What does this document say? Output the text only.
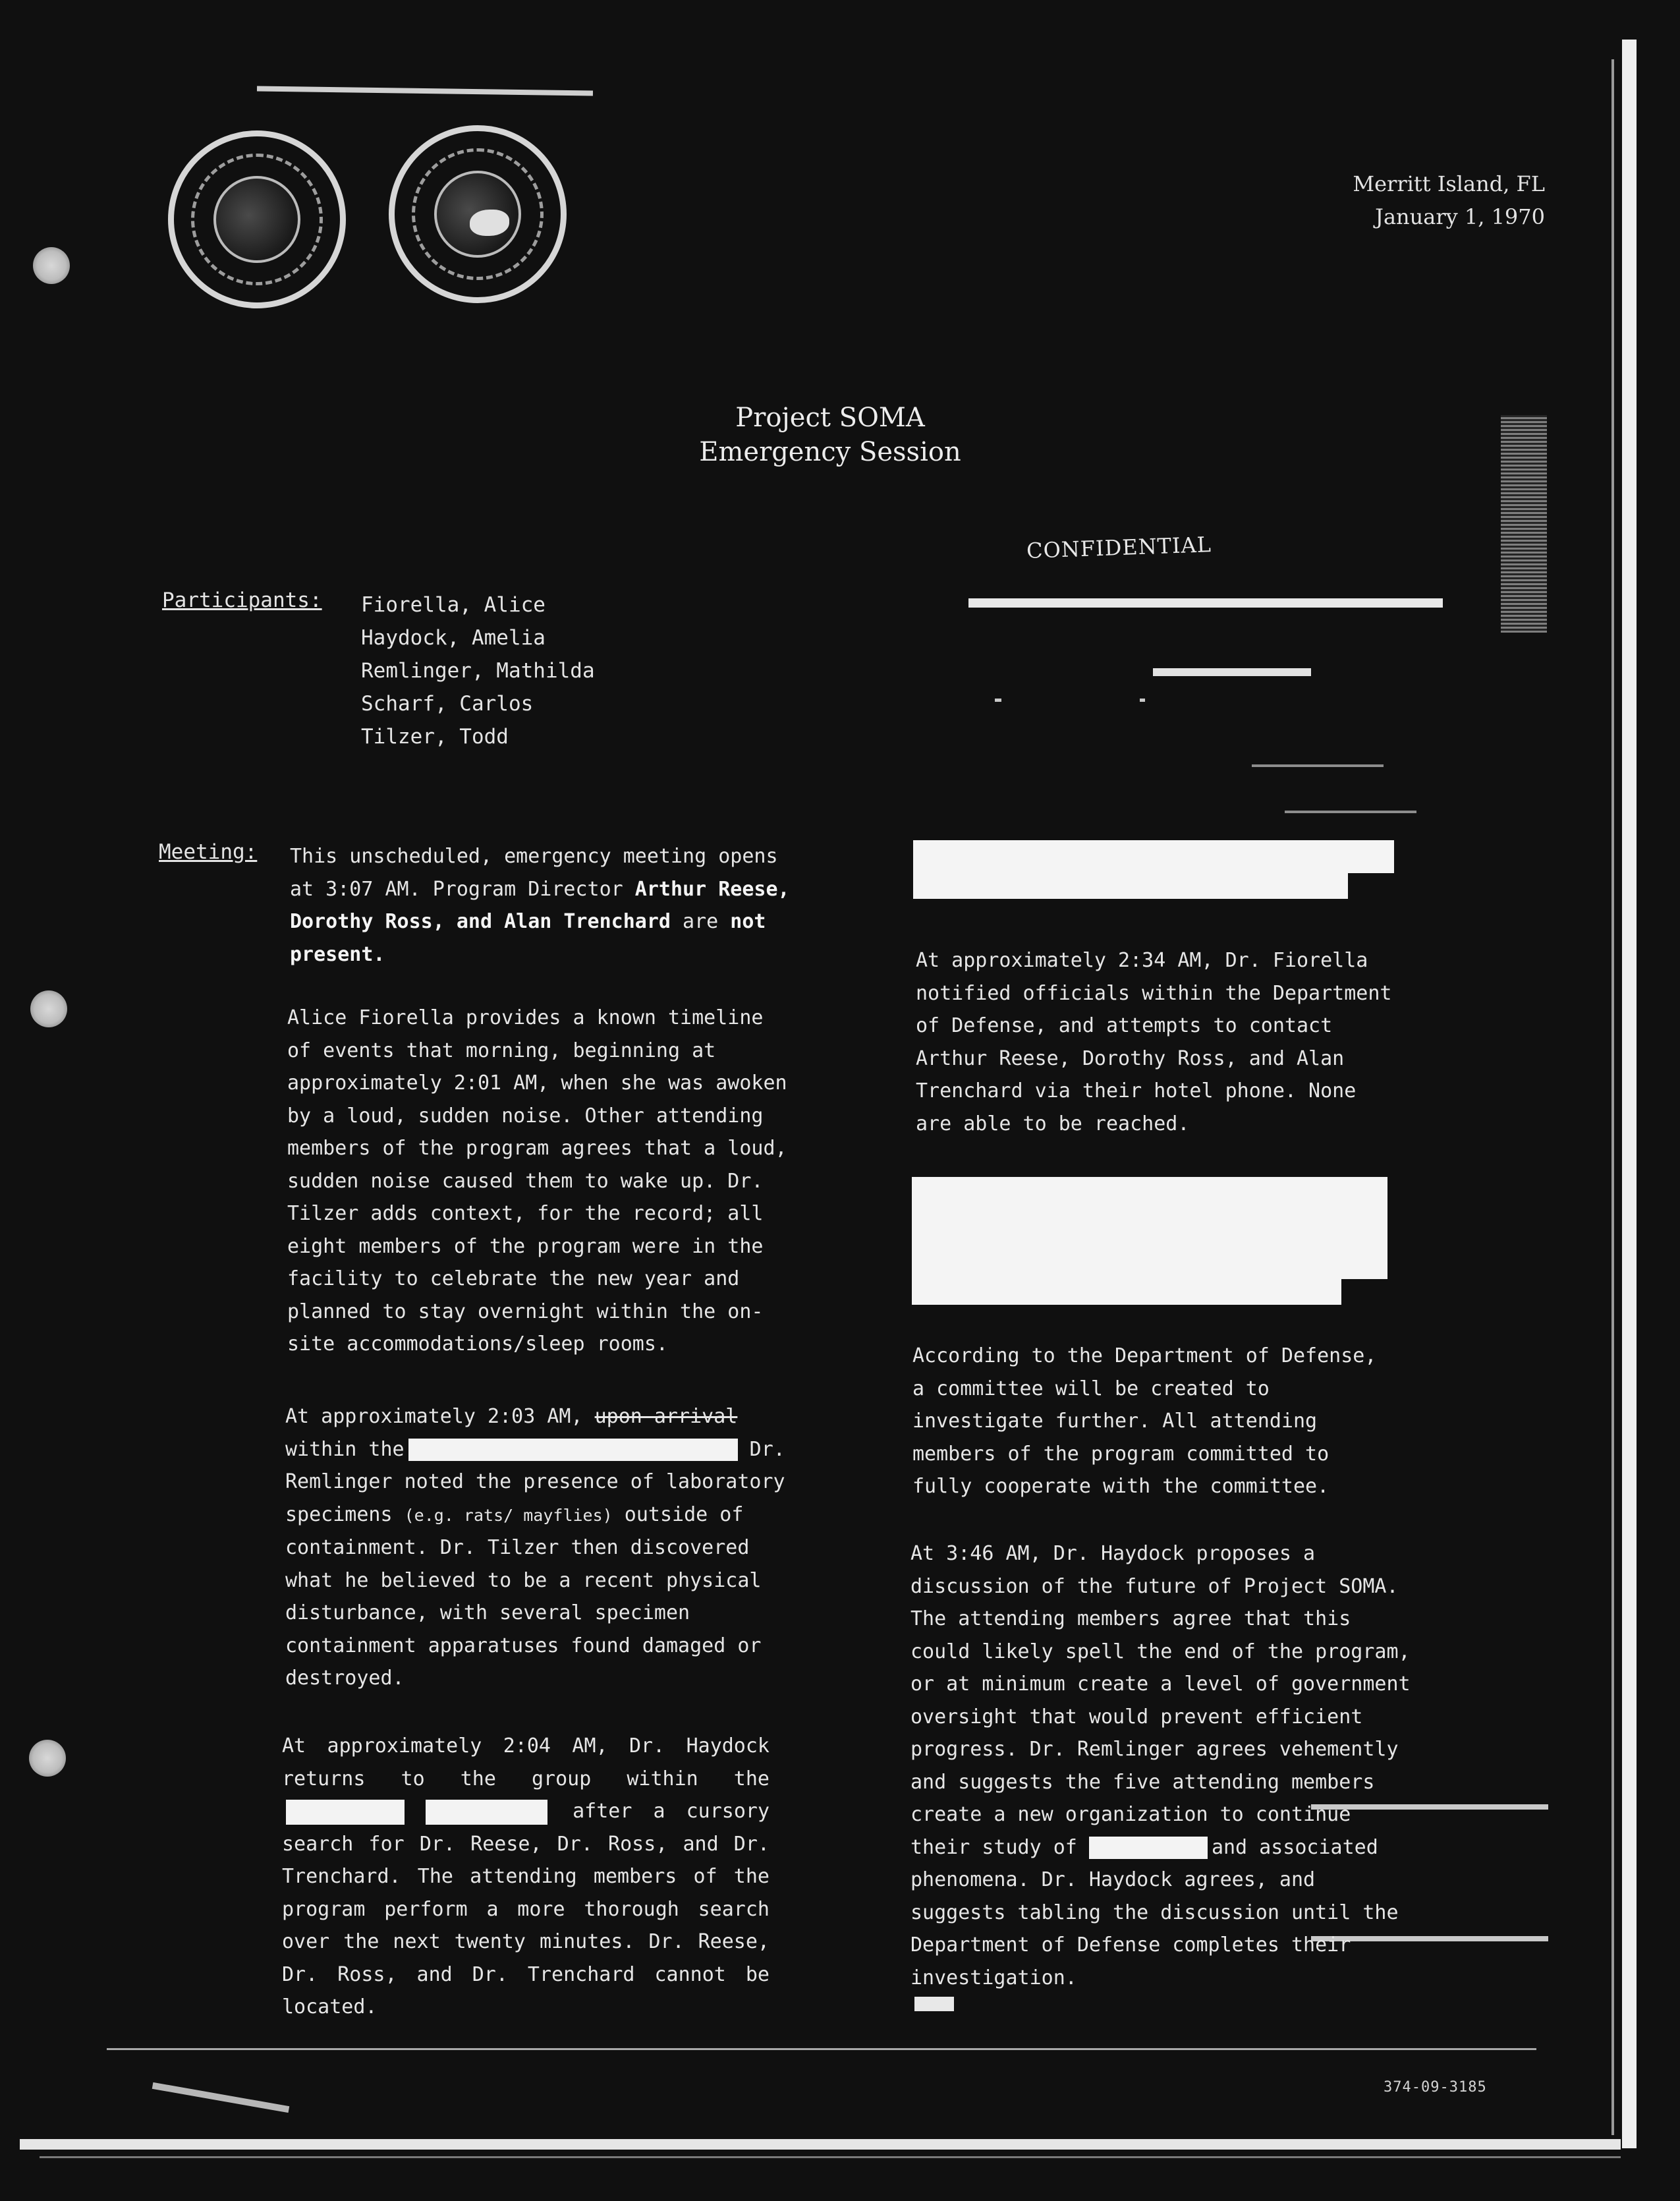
Merritt Island, FL
January 1, 1970
CONFIDENTIAL
Project SOMA
Emergency Session
Participants: Fiorella, Alice
Haydock, Amelia
Remlinger, Mathilda
Scharf, Carlos
Tilzer, Todd
Meeting: This unscheduled, emergency meeting opens at 3:07 AM. Program Director Arthur Reese, Dorothy Ross, and Alan Trenchard are not present.

Alice Fiorella provides a known timeline of events that morning, beginning at approximately 2:01 AM, when she was awoken by a loud, sudden noise. Other attending members of the program agrees that a loud, sudden noise caused them to wake up. Dr. Tilzer adds context, for the record; all eight members of the program were in the facility to celebrate the new year and planned to stay overnight within the on-site accommodations/sleep rooms.

At approximately 2:03 AM, upon arrival within the	Dr. Remlinger noted the presence of laboratory specimens (e.g. rats/ mayflies) outside of containment. Dr. Tilzer then discovered what he believed to be a recent physical disturbance, with several specimen containment apparatuses found damaged or destroyed.

At approximately 2:04 AM, Dr. Haydock returns to the group within the  after a cursory search for Dr. Reese, Dr. Ross, and Dr. Trenchard. The attending members of the program perform a more thorough search over the next twenty minutes. Dr. Reese, Dr. Ross, and Dr. Trenchard cannot be located.

At approximately 2:34 AM, Dr. Fiorella notified officials within the Department of Defense, and attempts to contact Arthur Reese, Dorothy Ross, and Alan Trenchard via their hotel phone. None are able to be reached.

According to the Department of Defense, a committee will be created to investigate further. All attending members of the program committed to fully cooperate with the committee.

At 3:46 AM, Dr. Haydock proposes a discussion of the future of Project SOMA. The attending members agree that this could likely spell the end of the program, or at minimum create a level of government oversight that would prevent efficient progress. Dr. Remlinger agrees vehemently and suggests the five attending members create a new organization to continue their study of	and associated phenomena. Dr. Haydock agrees, and suggests tabling the discussion until the Department of Defense completes their investigation.

374-09-3185
